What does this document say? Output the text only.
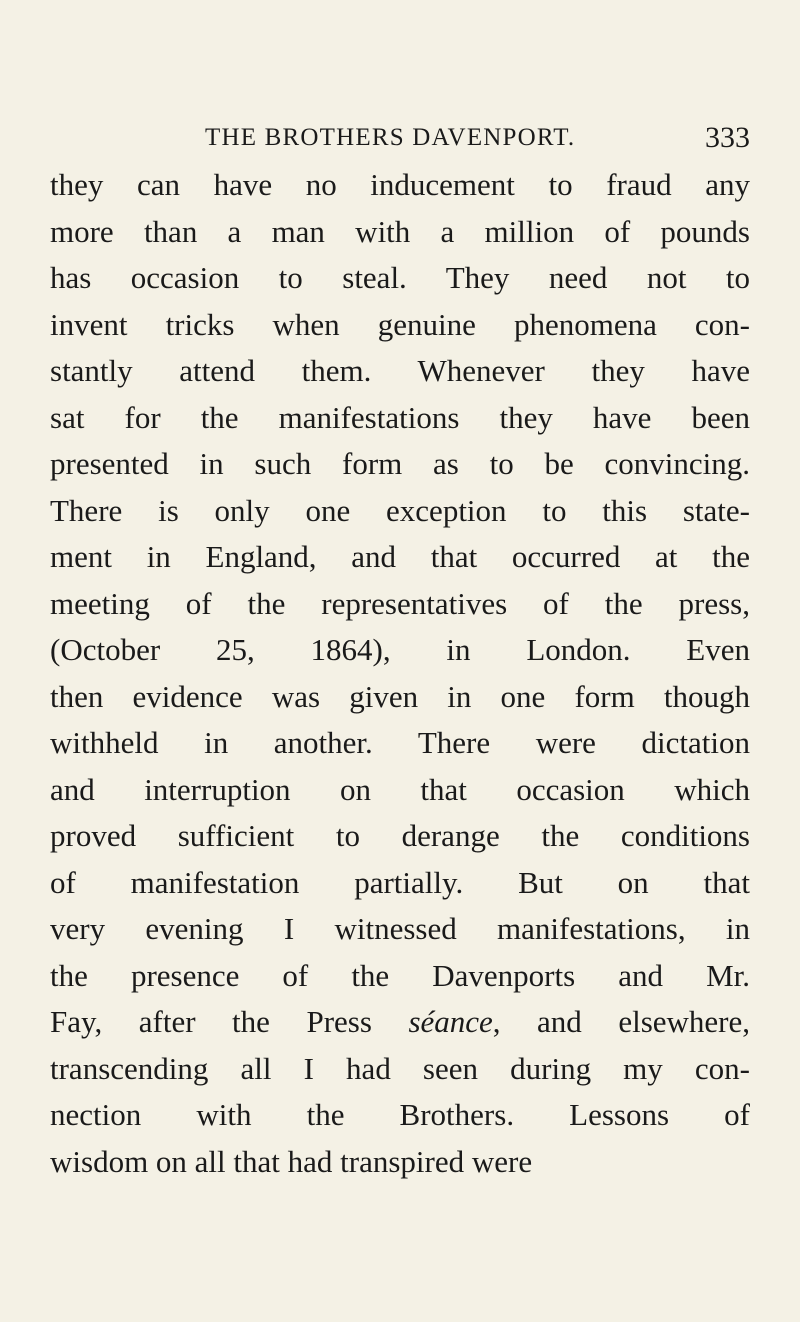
THE BROTHERS DAVENPORT.	333
they can have no inducement to fraud any
more than a man with a million of pounds
has occasion to steal. They need not to
invent tricks when genuine phenomena con-
stantly attend them. Whenever they have
sat for the manifestations they have been
presented in such form as to be convincing.
There is only one exception to this state-
ment in England, and that occurred at the
meeting of the representatives of the press,
(October 25, 1864), in London. Even
then evidence was given in one form though
withheld in another. There were dictation
and interruption on that occasion which
proved sufficient to derange the conditions
of manifestation partially. But on that
very evening I witnessed manifestations, in
the presence of the Davenports and Mr.
Fay, after the Press séance, and elsewhere,
transcending all I had seen during my con-
nection with the Brothers. Lessons of
wisdom on all that had transpired were
